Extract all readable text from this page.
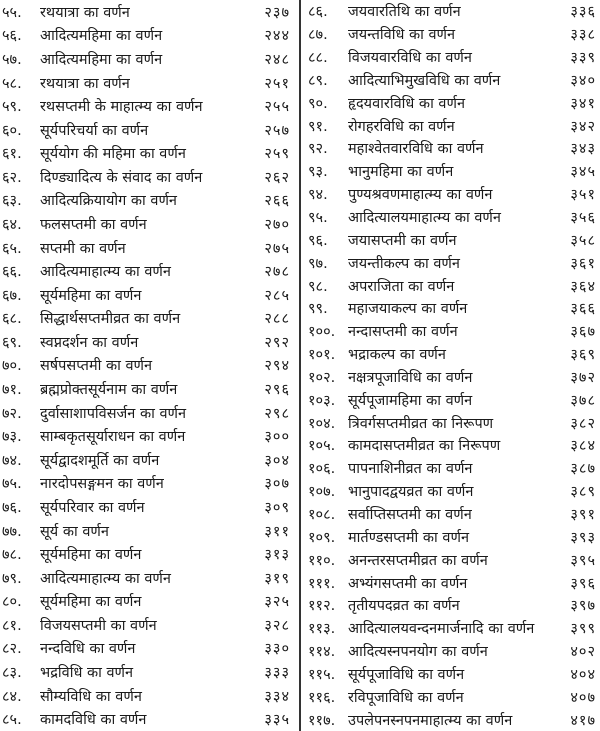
५५.	रथयात्रा का वर्णन	२३७
५६.	आदित्यमहिमा का वर्णन	२४४
५७.	आदित्यमहिमा का वर्णन	२४८
५८.	रथयात्रा का वर्णन	२५१
५९.	रथसप्तमी के माहात्म्य का वर्णन	२५५
६०.	सूर्यपरिचर्या का वर्णन	२५७
६१.	सूर्ययोग की महिमा का वर्णन	२५९
६२.	दिण्ड्यादित्य के संवाद का वर्णन	२६२
६३.	आदित्यक्रियायोग का वर्णन	२६६
६४.	फलसप्तमी का वर्णन	२७०
६५.	सप्तमी का वर्णन	२७५
६६.	आदित्यमाहात्म्य का वर्णन	२७८
६७.	सूर्यमहिमा का वर्णन	२८५
६८.	सिद्धार्थसप्तमीव्रत का वर्णन	२८८
६९.	स्वप्नदर्शन का वर्णन	२९२
७०.	सर्षपसप्तमी का वर्णन	२९४
७१.	ब्रह्मप्रोक्तसूर्यनाम का वर्णन	२९६
७२.	दुर्वासाशापविसर्जन का वर्णन	२९८
७३.	साम्बकृतसूर्याराधन का वर्णन	३००
७४.	सूर्यद्वादशमूर्ति का वर्णन	३०४
७५.	नारदोपसङ्गमन का वर्णन	३०७
७६.	सूर्यपरिवार का वर्णन	३०९
७७.	सूर्य का वर्णन	३११
७८.	सूर्यमहिमा का वर्णन	३१३
७९.	आदित्यमाहात्म्य का वर्णन	३१९
८०.	सूर्यमहिमा का वर्णन	३२५
८१.	विजयसप्तमी का वर्णन	३२८
८२.	नन्दविधि का वर्णन	३३०
८३.	भद्रविधि का वर्णन	३३३
८४.	सौम्यविधि का वर्णन	३३४
८५.	कामदविधि का वर्णन	३३५
८६.	जयवारतिथि का वर्णन	३३६
८७.	जयन्तविधि का वर्णन	३३८
८८.	विजयवारविधि का वर्णन	३३९
८९.	आदित्याभिमुखविधि का वर्णन	३४०
९०.	हृदयवारविधि का वर्णन	३४१
९१.	रोगहरविधि का वर्णन	३४२
९२.	महाश्वेतवारविधि का वर्णन	३४३
९३.	भानुमहिमा का वर्णन	३४५
९४.	पुण्यश्रवणमाहात्म्य का वर्णन	३५१
९५.	आदित्यालयमाहात्म्य का वर्णन	३५६
९६.	जयासप्तमी का वर्णन	३५८
९७.	जयन्तीकल्प का वर्णन	३६१
९८.	अपराजिता का वर्णन	३६४
९९.	महाजयाकल्प का वर्णन	३६६
१००. नन्दासप्तमी का वर्णन	३६७
१०१. भद्राकल्प का वर्णन	३६९
१०२. नक्षत्रपूजाविधि का वर्णन	३७२
१०३. सूर्यपूजामहिमा का वर्णन	३७८
१०४. त्रिवर्गसप्तमीव्रत का निरूपण	३८२
१०५. कामदासप्तमीव्रत का निरूपण	३८४
१०६. पापनाशिनीव्रत का वर्णन	३८७
१०७. भानुपादद्वयव्रत का वर्णन	३८९
१०८. सर्वाप्तिसप्तमी का वर्णन	३९१
१०९. मार्तण्डसप्तमी का वर्णन	३९३
११०. अनन्तरसप्तमीव्रत का वर्णन	३९५
१११. अभ्यंगसप्तमी का वर्णन	३९६
११२. तृतीयपदव्रत का वर्णन	३९७
११३. आदित्यालयवन्दनमार्जनादि का वर्णन	३९९
११४. आदित्यस्नपनयोग का वर्णन	४०२
११५. सूर्यपूजाविधि का वर्णन	४०४
११६. रविपूजाविधि का वर्णन	४०७
११७. उपलेपनस्नपनमाहात्म्य का वर्णन	४१७
